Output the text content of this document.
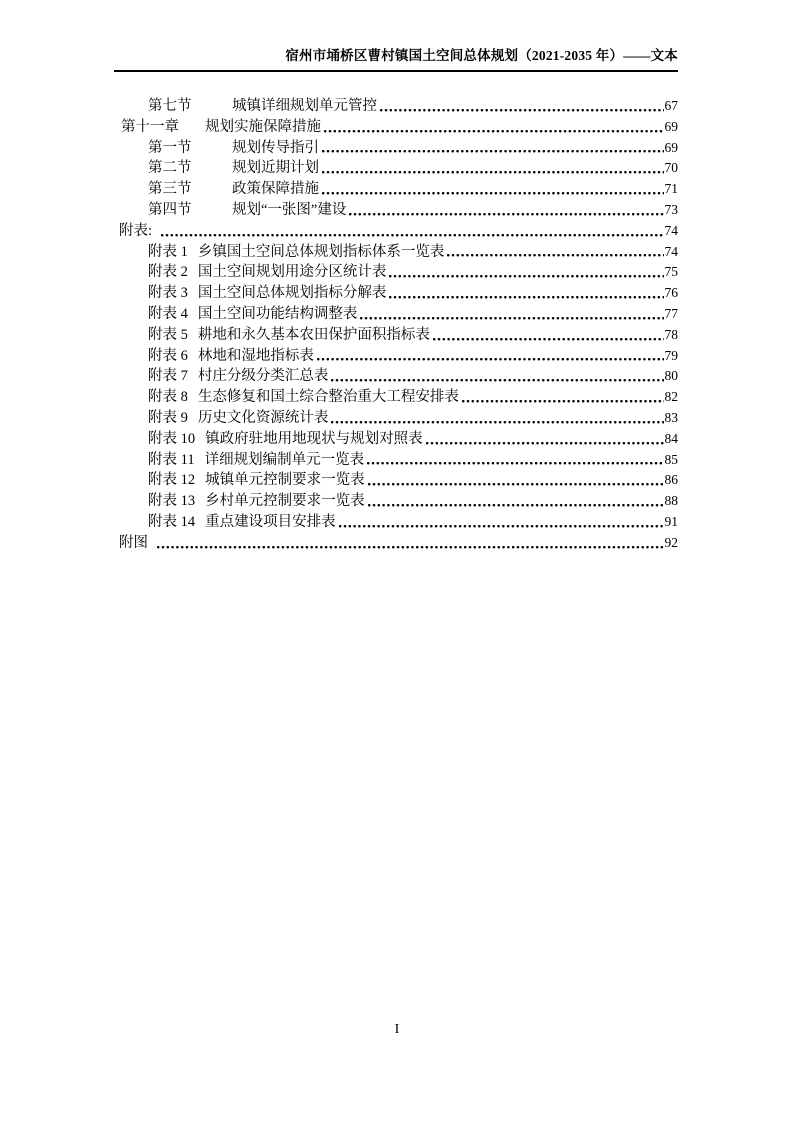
宿州市埇桥区曹村镇国土空间总体规划（2021-2035 年）——文本
第七节	城镇详细规划单元管控	67
第十一章	规划实施保障措施	69
第一节	规划传导指引	69
第二节	规划近期计划	70
第三节	政策保障措施	71
第四节	规划“一张图”建设	73
附表:	74
附表 1 乡镇国土空间总体规划指标体系一览表	74
附表 2 国土空间规划用途分区统计表	75
附表 3 国土空间总体规划指标分解表	76
附表 4 国土空间功能结构调整表	77
附表 5 耕地和永久基本农田保护面积指标表	78
附表 6 林地和湿地指标表	79
附表 7 村庄分级分类汇总表	80
附表 8 生态修复和国土综合整治重大工程安排表	82
附表 9 历史文化资源统计表	83
附表 10 镇政府驻地用地现状与规划对照表	84
附表 11 详细规划编制单元一览表	85
附表 12 城镇单元控制要求一览表	86
附表 13 乡村单元控制要求一览表	88
附表 14 重点建设项目安排表	91
附图	92
I
